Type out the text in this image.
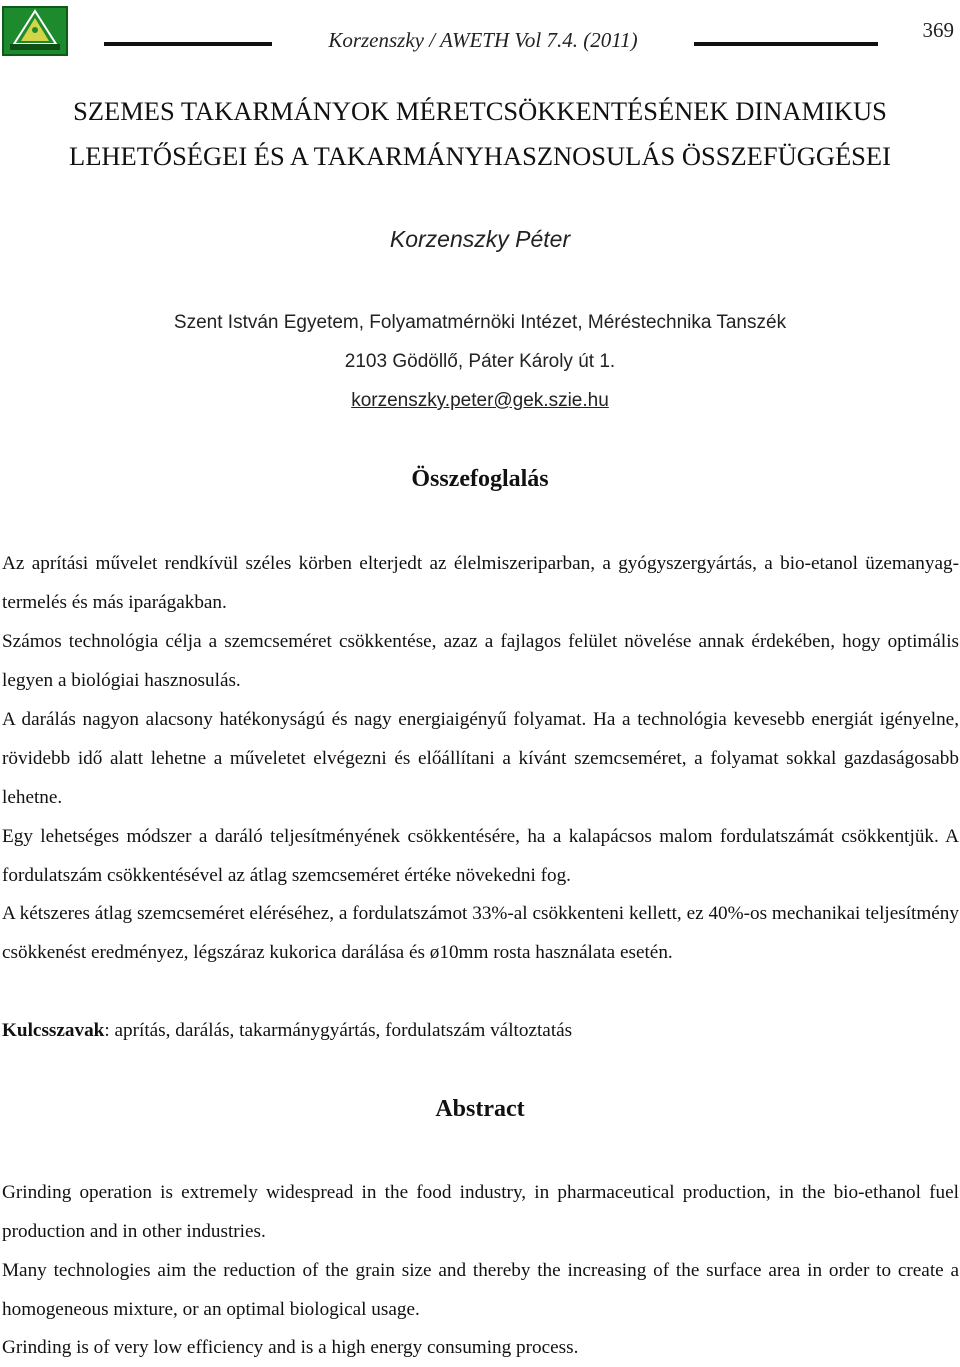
Korzenszky / AWETH Vol 7.4. (2011)	369
SZEMES TAKARMÁNYOK MÉRETCSÖKKENTÉSÉNEK DINAMIKUS
LEHETŐSÉGEI ÉS A TAKARMÁNYHASZNOSULÁS ÖSSZEFÜGGÉSEI
Korzenszky Péter
Szent István Egyetem, Folyamatmérnöki Intézet, Méréstechnika Tanszék
2103 Gödöllő, Páter Károly út 1.
korzenszky.peter@gek.szie.hu
Összefoglalás

Az aprítási művelet rendkívül széles körben elterjedt az élelmiszeriparban, a gyógyszergyártás, a bio-etanol üzemanyag-termelés és más iparágakban.

Számos technológia célja a szemcseméret csökkentése, azaz a fajlagos felület növelése annak érdekében, hogy optimális legyen a biológiai hasznosulás.

A darálás nagyon alacsony hatékonyságú és nagy energiaigényű folyamat. Ha a technológia kevesebb energiát igényelne, rövidebb idő alatt lehetne a műveletet elvégezni és előállítani a kívánt szemcseméret, a folyamat sokkal gazdaságosabb lehetne.

Egy lehetséges módszer a daráló teljesítményének csökkentésére, ha a kalapácsos malom fordulatszámát csökkentjük. A fordulatszám csökkentésével az átlag szemcseméret értéke növekedni fog.

A kétszeres átlag szemcseméret eléréséhez, a fordulatszámot 33%-al csökkenteni kellett, ez 40%-os mechanikai teljesítmény csökkenést eredményez, légszáraz kukorica darálása és ø10mm rosta használata esetén.

Kulcsszavak: aprítás, darálás, takarmánygyártás, fordulatszám változtatás

Abstract

Grinding operation is extremely widespread in the food industry, in pharmaceutical production, in the bio-ethanol fuel production and in other industries.

Many technologies aim the reduction of the grain size and thereby the increasing of the surface area in order to create a homogeneous mixture, or an optimal biological usage.

Grinding is of very low efficiency and is a high energy consuming process.
